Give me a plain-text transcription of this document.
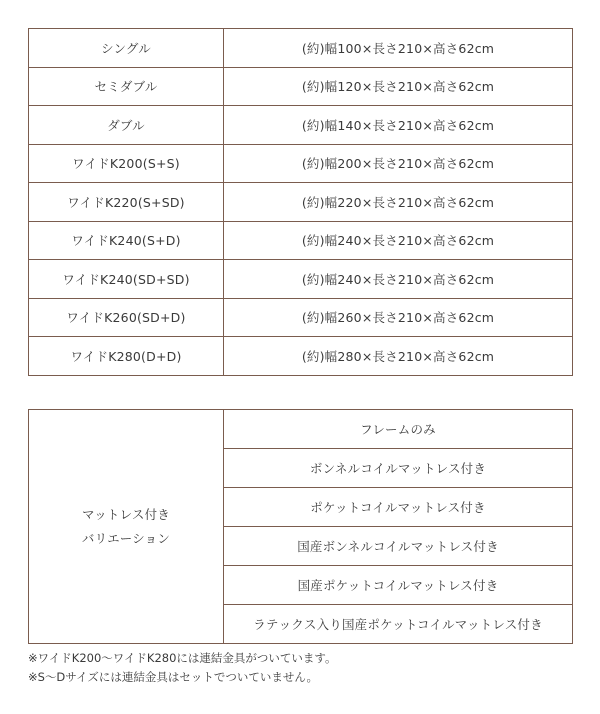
シングル	(約)幅100×長さ210×高さ62cm
セミダブル	(約)幅120×長さ210×高さ62cm
ダブル	(約)幅140×長さ210×高さ62cm
ワイドK200(S+S)	(約)幅200×長さ210×高さ62cm
ワイドK220(S+SD)	(約)幅220×長さ210×高さ62cm
ワイドK240(S+D)	(約)幅240×長さ210×高さ62cm
ワイドK240(SD+SD)	(約)幅240×長さ210×高さ62cm
ワイドK260(SD+D)	(約)幅260×長さ210×高さ62cm
ワイドK280(D+D)	(約)幅280×長さ210×高さ62cm
マットレス付き
バリエーション
	フレームのみ
ボンネルコイルマットレス付き
ポケットコイルマットレス付き
国産ボンネルコイルマットレス付き
国産ポケットコイルマットレス付き
ラテックス入り国産ポケットコイルマットレス付き
※ワイドK200〜ワイドK280には連結金具がついています。
※S〜Dサイズには連結金具はセットでついていません。
